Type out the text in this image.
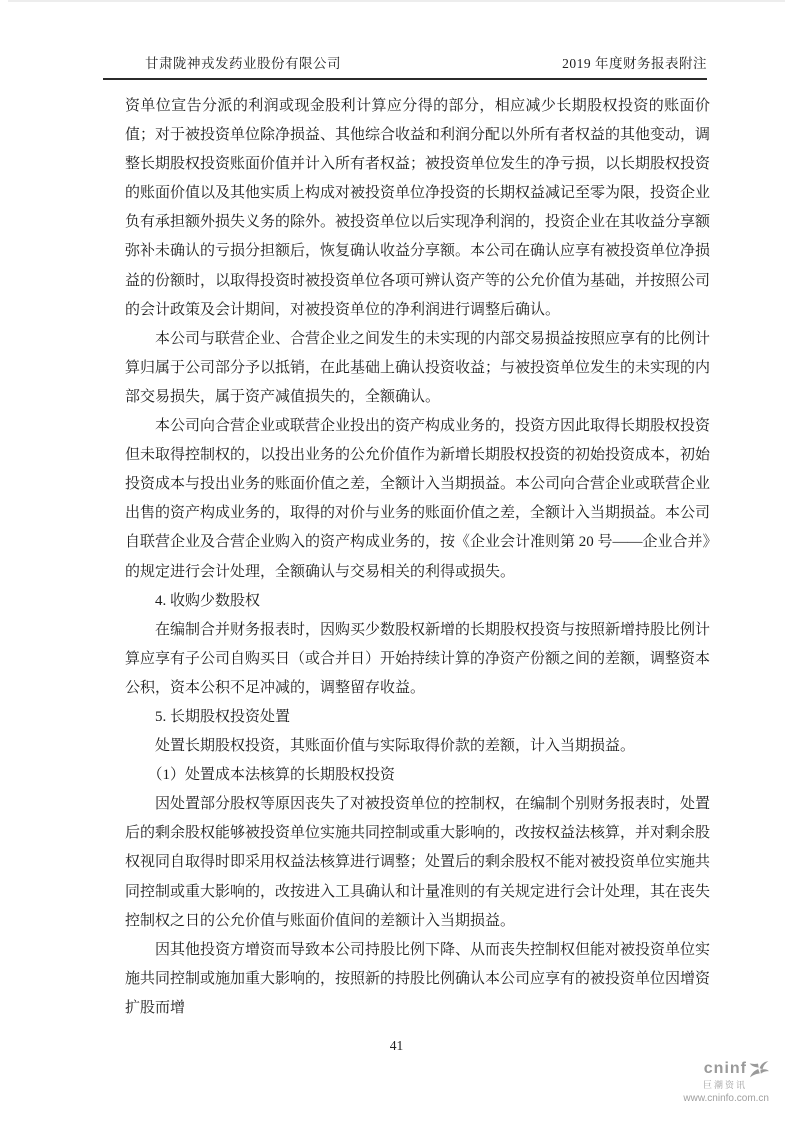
甘肃陇神戎发药业股份有限公司	2019 年度财务报表附注

资单位宣告分派的利润或现金股利计算应分得的部分，相应减少长期股权投资的账面价值；对于被投资单位除净损益、其他综合收益和利润分配以外所有者权益的其他变动，调整长期股权投资账面价值并计入所有者权益；被投资单位发生的净亏损，以长期股权投资的账面价值以及其他实质上构成对被投资单位净投资的长期权益减记至零为限，投资企业负有承担额外损失义务的除外。被投资单位以后实现净利润的，投资企业在其收益分享额弥补未确认的亏损分担额后，恢复确认收益分享额。本公司在确认应享有被投资单位净损益的份额时，以取得投资时被投资单位各项可辨认资产等的公允价值为基础，并按照公司的会计政策及会计期间，对被投资单位的净利润进行调整后确认。

本公司与联营企业、合营企业之间发生的未实现的内部交易损益按照应享有的比例计算归属于公司部分予以抵销，在此基础上确认投资收益；与被投资单位发生的未实现的内部交易损失，属于资产减值损失的，全额确认。

本公司向合营企业或联营企业投出的资产构成业务的，投资方因此取得长期股权投资但未取得控制权的，以投出业务的公允价值作为新增长期股权投资的初始投资成本，初始投资成本与投出业务的账面价值之差，全额计入当期损益。本公司向合营企业或联营企业出售的资产构成业务的，取得的对价与业务的账面价值之差，全额计入当期损益。本公司自联营企业及合营企业购入的资产构成业务的，按《企业会计准则第 20 号——企业合并》的规定进行会计处理，全额确认与交易相关的利得或损失。

4. 收购少数股权

在编制合并财务报表时，因购买少数股权新增的长期股权投资与按照新增持股比例计算应享有子公司自购买日（或合并日）开始持续计算的净资产份额之间的差额，调整资本公积，资本公积不足冲减的，调整留存收益。

5. 长期股权投资处置

处置长期股权投资，其账面价值与实际取得价款的差额，计入当期损益。

（1）处置成本法核算的长期股权投资

因处置部分股权等原因丧失了对被投资单位的控制权，在编制个别财务报表时，处置后的剩余股权能够被投资单位实施共同控制或重大影响的，改按权益法核算，并对剩余股权视同自取得时即采用权益法核算进行调整；处置后的剩余股权不能对被投资单位实施共同控制或重大影响的，改按进入工具确认和计量准则的有关规定进行会计处理，其在丧失控制权之日的公允价值与账面价值间的差额计入当期损益。

因其他投资方增资而导致本公司持股比例下降、从而丧失控制权但能对被投资单位实施共同控制或施加重大影响的，按照新的持股比例确认本公司应享有的被投资单位因增资扩股而增

41
cninf
巨潮资讯
www.cninfo.com.cn
